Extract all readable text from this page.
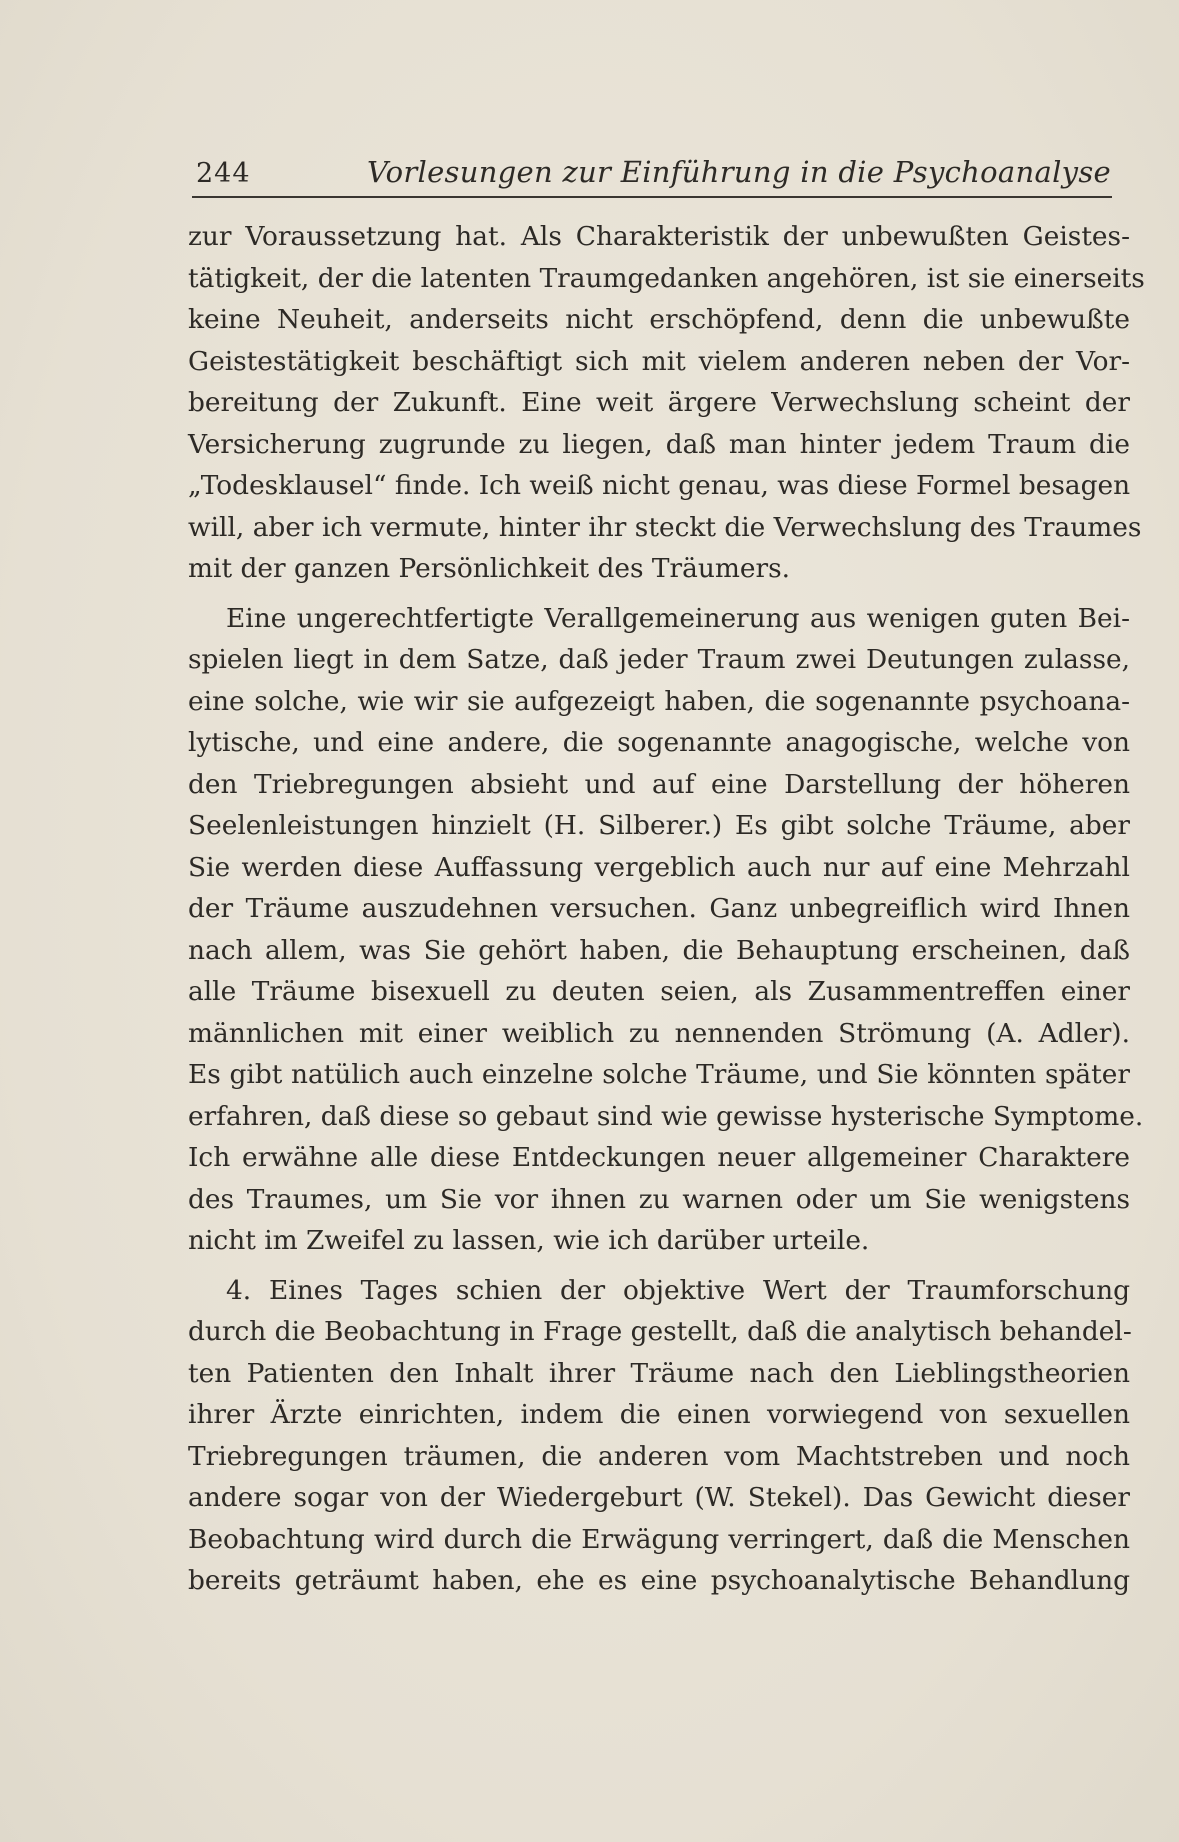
244	Vorlesungen zur Einführung in die Psychoanalyse
zur Voraussetzung hat. Als Charakteristik der unbewußten Geistes-
tätigkeit, der die latenten Traumgedanken angehören, ist sie einerseits
keine Neuheit, anderseits nicht erschöpfend, denn die unbewußte
Geistestätigkeit beschäftigt sich mit vielem anderen neben der Vor-
bereitung der Zukunft. Eine weit ärgere Verwechslung scheint der
Versicherung zugrunde zu liegen, daß man hinter jedem Traum die
„Todesklausel“ finde. Ich weiß nicht genau, was diese Formel besagen
will, aber ich vermute, hinter ihr steckt die Verwechslung des Traumes
mit der ganzen Persönlichkeit des Träumers.
Eine ungerechtfertigte Verallgemeinerung aus wenigen guten Bei-
spielen liegt in dem Satze, daß jeder Traum zwei Deutungen zulasse,
eine solche, wie wir sie aufgezeigt haben, die sogenannte psychoana-
lytische, und eine andere, die sogenannte anagogische, welche von
den Triebregungen absieht und auf eine Darstellung der höheren
Seelenleistungen hinzielt (H. Silberer.) Es gibt solche Träume, aber
Sie werden diese Auffassung vergeblich auch nur auf eine Mehrzahl
der Träume auszudehnen versuchen. Ganz unbegreiflich wird Ihnen
nach allem, was Sie gehört haben, die Behauptung erscheinen, daß
alle Träume bisexuell zu deuten seien, als Zusammentreffen einer
männlichen mit einer weiblich zu nennenden Strömung (A. Adler).
Es gibt natülich auch einzelne solche Träume, und Sie könnten später
erfahren, daß diese so gebaut sind wie gewisse hysterische Symptome.
Ich erwähne alle diese Entdeckungen neuer allgemeiner Charaktere
des Traumes, um Sie vor ihnen zu warnen oder um Sie wenigstens
nicht im Zweifel zu lassen, wie ich darüber urteile.
4. Eines Tages schien der objektive Wert der Traumforschung
durch die Beobachtung in Frage gestellt, daß die analytisch behandel-
ten Patienten den Inhalt ihrer Träume nach den Lieblingstheorien
ihrer Ärzte einrichten, indem die einen vorwiegend von sexuellen
Triebregungen träumen, die anderen vom Machtstreben und noch
andere sogar von der Wiedergeburt (W. Stekel). Das Gewicht dieser
Beobachtung wird durch die Erwägung verringert, daß die Menschen
bereits geträumt haben, ehe es eine psychoanalytische Behandlung
